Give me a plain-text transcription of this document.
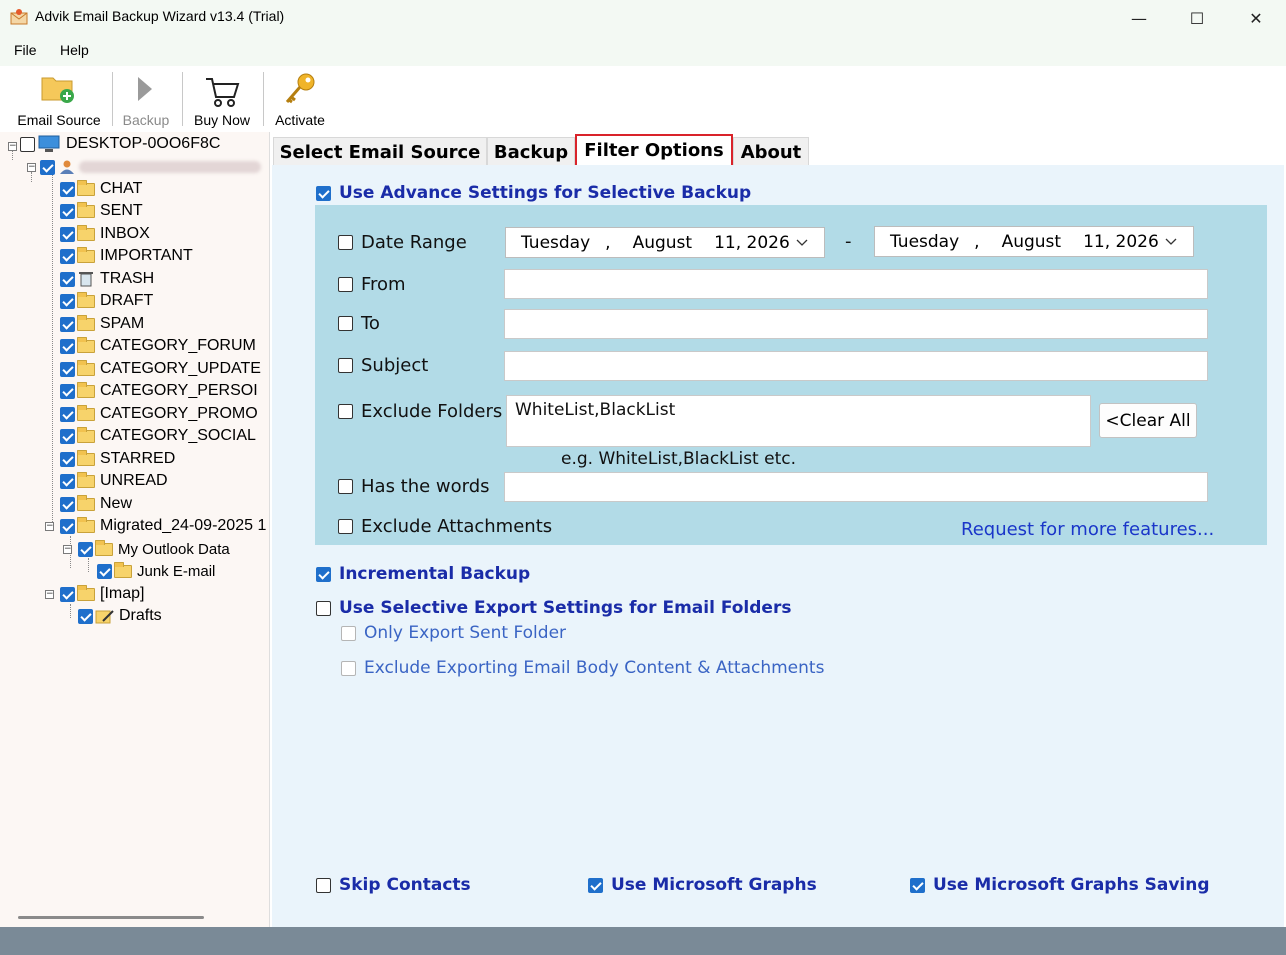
Advik Email Backup Wizard v13.4 (Trial)	—	☐	✕
File Help
Email Source	Backup	Buy Now	Activate
−	DESKTOP-0OO6F8C
−
CHAT
SENT
INBOX
IMPORTANT
TRASH
DRAFT
SPAM
CATEGORY_FORUM
CATEGORY_UPDATE
CATEGORY_PERSOI
CATEGORY_PROMO
CATEGORY_SOCIAL
STARRED
UNREAD
New
−	Migrated_24-09-2025 1
−	My Outlook Data
Junk E-mail
−	[Imap]
Drafts
Select Email Source Backup Filter Options About
Use Advance Settings for Selective Backup
Date Range	Tuesday , August 11, 2026	- Tuesday , August 11, 2026
From
To
Subject
Exclude Folders WhiteList,BlackList
<Clear All
e.g. WhiteList,BlackList etc.
Has the words
Exclude Attachments	Request for more features...
Incremental Backup
Use Selective Export Settings for Email Folders
Only Export Sent Folder
Exclude Exporting Email Body Content & Attachments
Skip Contacts	Use Microsoft Graphs	Use Microsoft Graphs Saving
